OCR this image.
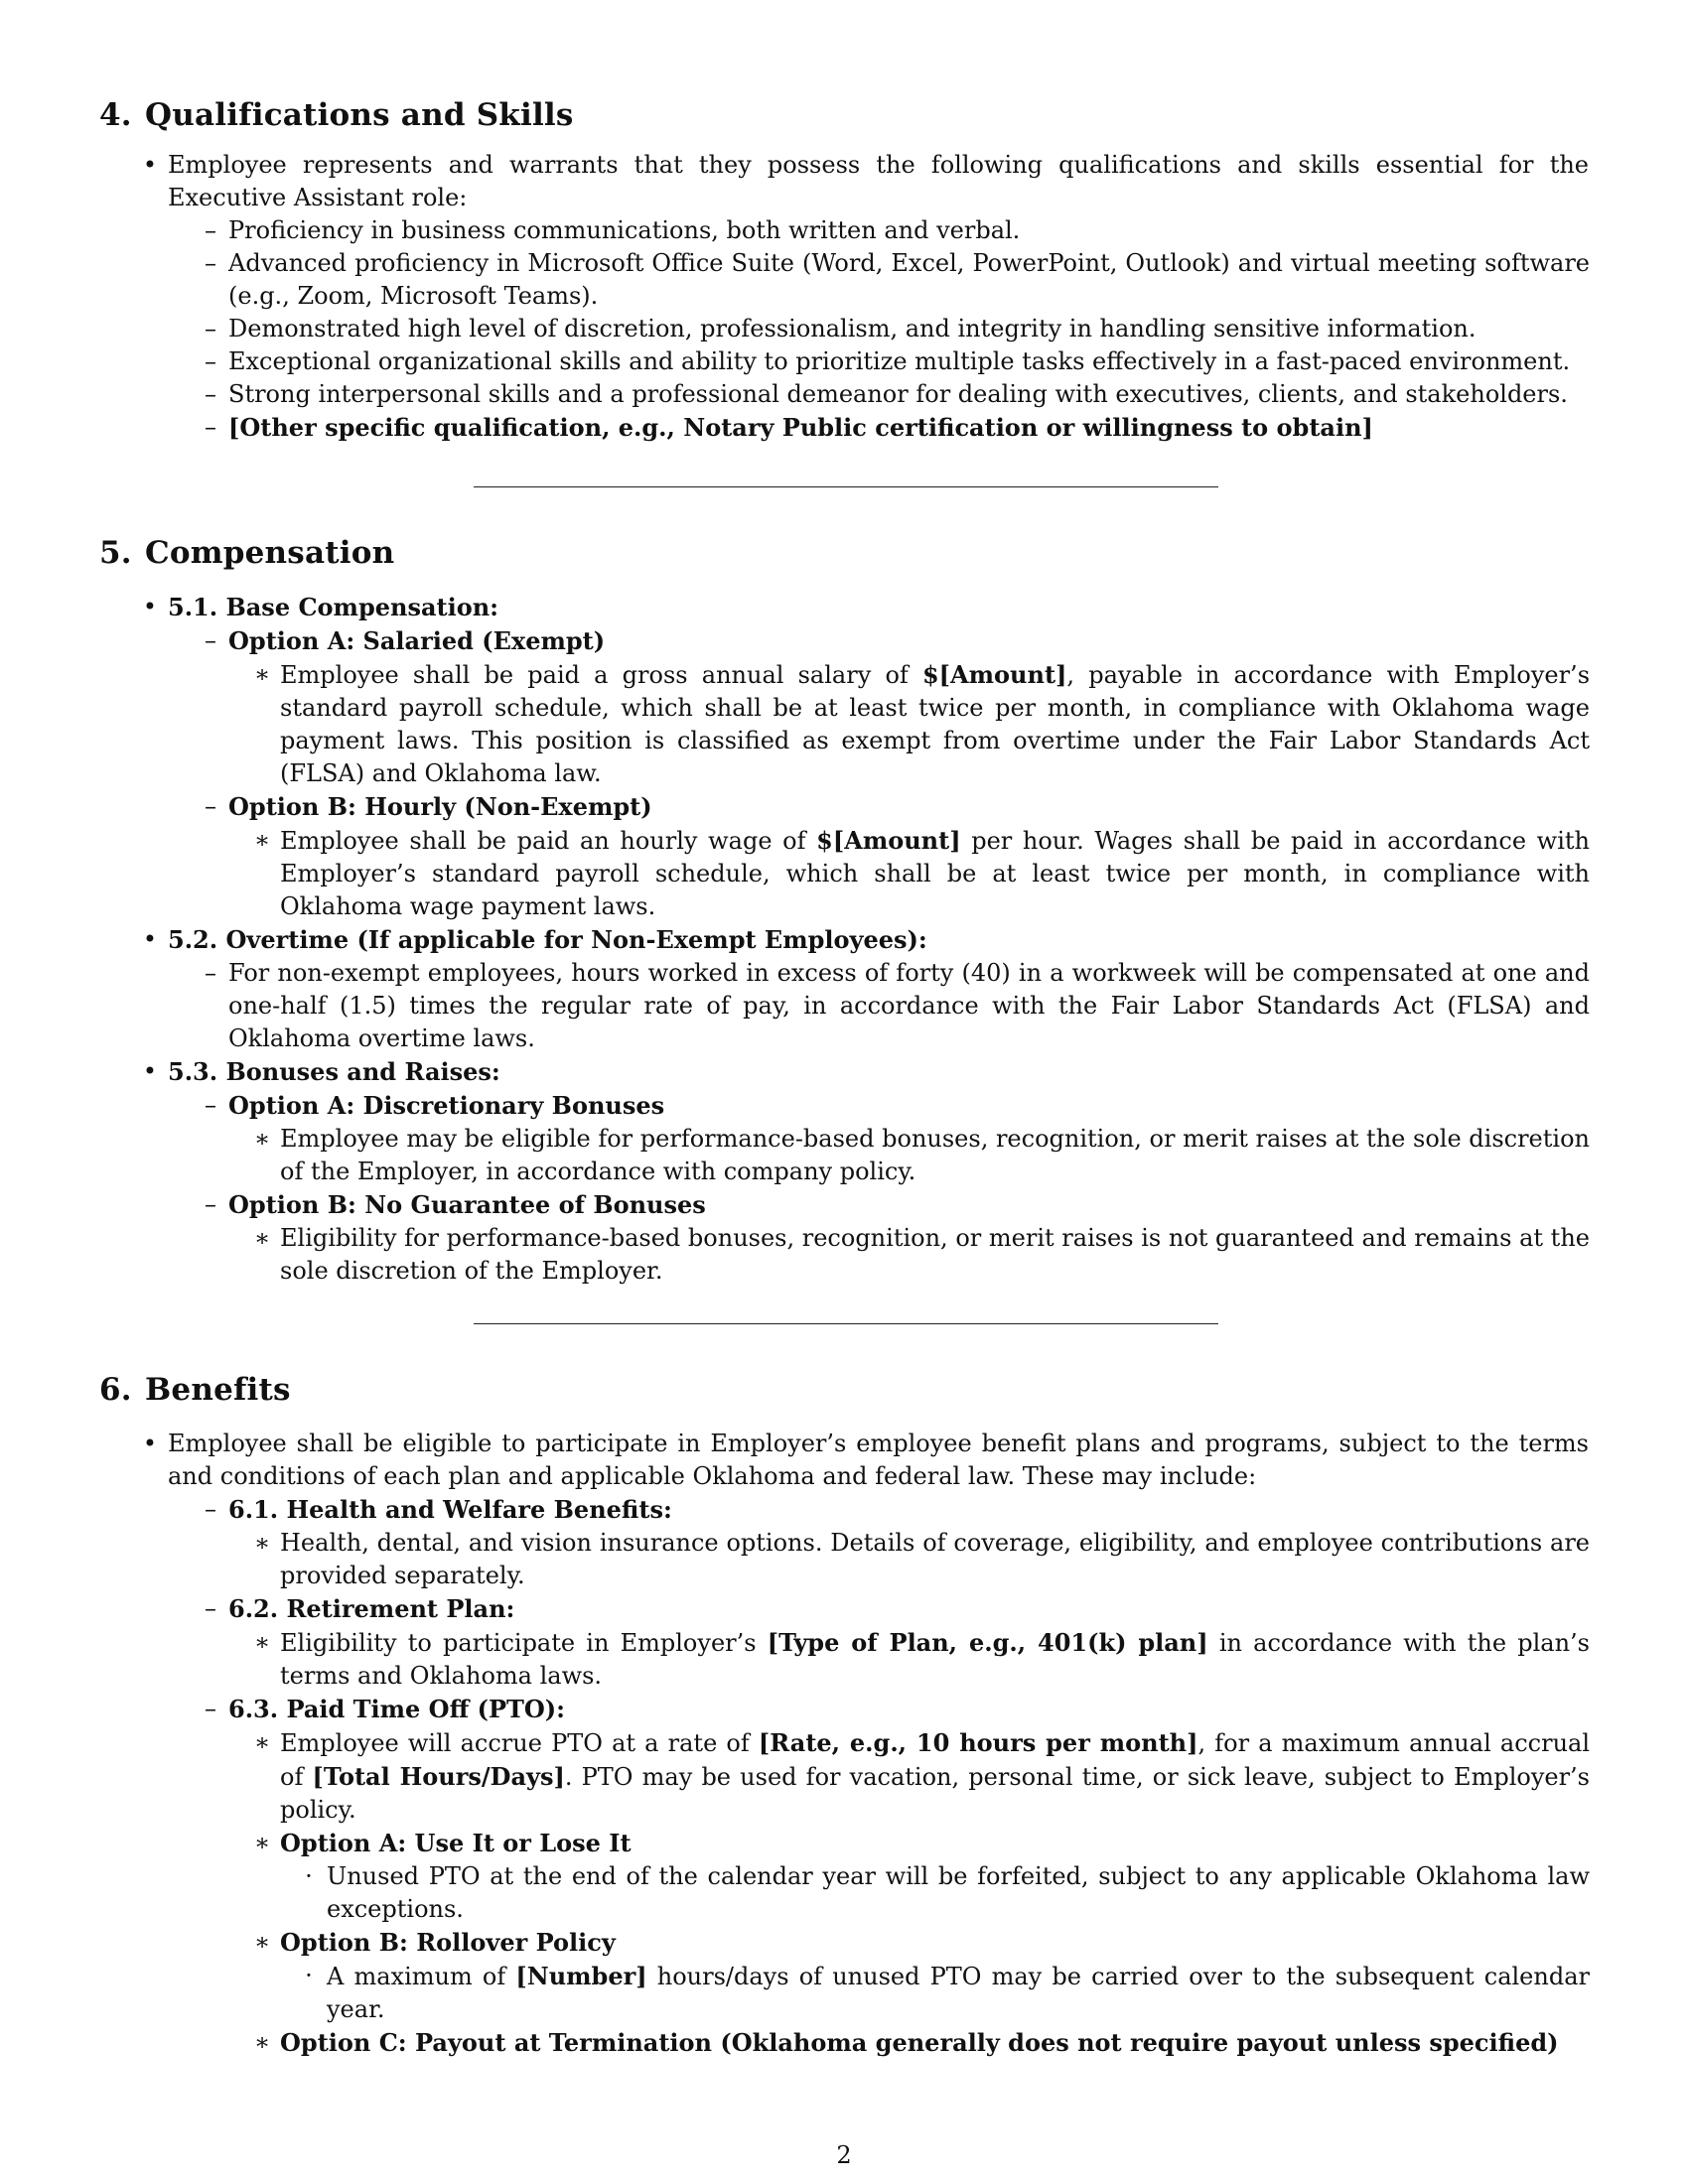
4. Qualifications and Skills
• Employee represents and warrants that they possess the following qualifications and skills essential for the Executive Assistant role:

– Proficiency in business communications, both written and verbal.

– Advanced proficiency in Microsoft Office Suite (Word, Excel, PowerPoint, Outlook) and virtual meeting software (e.g., Zoom, Microsoft Teams).

– Demonstrated high level of discretion, professionalism, and integrity in handling sensitive information.

– Exceptional organizational skills and ability to prioritize multiple tasks effectively in a fast-paced environment.

– Strong interpersonal skills and a professional demeanor for dealing with executives, clients, and stakeholders.

– [Other specific qualification, e.g., Notary Public certification or willingness to obtain]

5. Compensation
• 5.1. Base Compensation:

– Option A: Salaried (Exempt)

∗ Employee shall be paid a gross annual salary of $[Amount], payable in accordance with Employer’s standard payroll schedule, which shall be at least twice per month, in compliance with Oklahoma wage payment laws. This position is classified as exempt from overtime under the Fair Labor Standards Act (FLSA) and Oklahoma law.

– Option B: Hourly (Non-Exempt)

∗ Employee shall be paid an hourly wage of $[Amount] per hour. Wages shall be paid in accordance with Employer’s standard payroll schedule, which shall be at least twice per month, in compliance with Oklahoma wage payment laws.

• 5.2. Overtime (If applicable for Non-Exempt Employees):

– For non-exempt employees, hours worked in excess of forty (40) in a workweek will be compensated at one and one-half (1.5) times the regular rate of pay, in accordance with the Fair Labor Standards Act (FLSA) and Oklahoma overtime laws.

• 5.3. Bonuses and Raises:

– Option A: Discretionary Bonuses

∗ Employee may be eligible for performance-based bonuses, recognition, or merit raises at the sole discretion of the Employer, in accordance with company policy.

– Option B: No Guarantee of Bonuses

∗ Eligibility for performance-based bonuses, recognition, or merit raises is not guaranteed and remains at the sole discretion of the Employer.

6. Benefits
• Employee shall be eligible to participate in Employer’s employee benefit plans and programs, subject to the terms and conditions of each plan and applicable Oklahoma and federal law. These may include:

– 6.1. Health and Welfare Benefits:

∗ Health, dental, and vision insurance options. Details of coverage, eligibility, and employee contributions are provided separately.

– 6.2. Retirement Plan:

∗ Eligibility to participate in Employer’s [Type of Plan, e.g., 401(k) plan] in accordance with the plan’s terms and Oklahoma laws.

– 6.3. Paid Time Off (PTO):

∗ Employee will accrue PTO at a rate of [Rate, e.g., 10 hours per month], for a maximum annual accrual of [Total Hours/Days]. PTO may be used for vacation, personal time, or sick leave, subject to Employer’s policy.

∗ Option A: Use It or Lose It

· Unused PTO at the end of the calendar year will be forfeited, subject to any applicable Oklahoma law exceptions.

∗ Option B: Rollover Policy

· A maximum of [Number] hours/days of unused PTO may be carried over to the subsequent calendar year.

∗ Option C: Payout at Termination (Oklahoma generally does not require payout unless specified)

2
